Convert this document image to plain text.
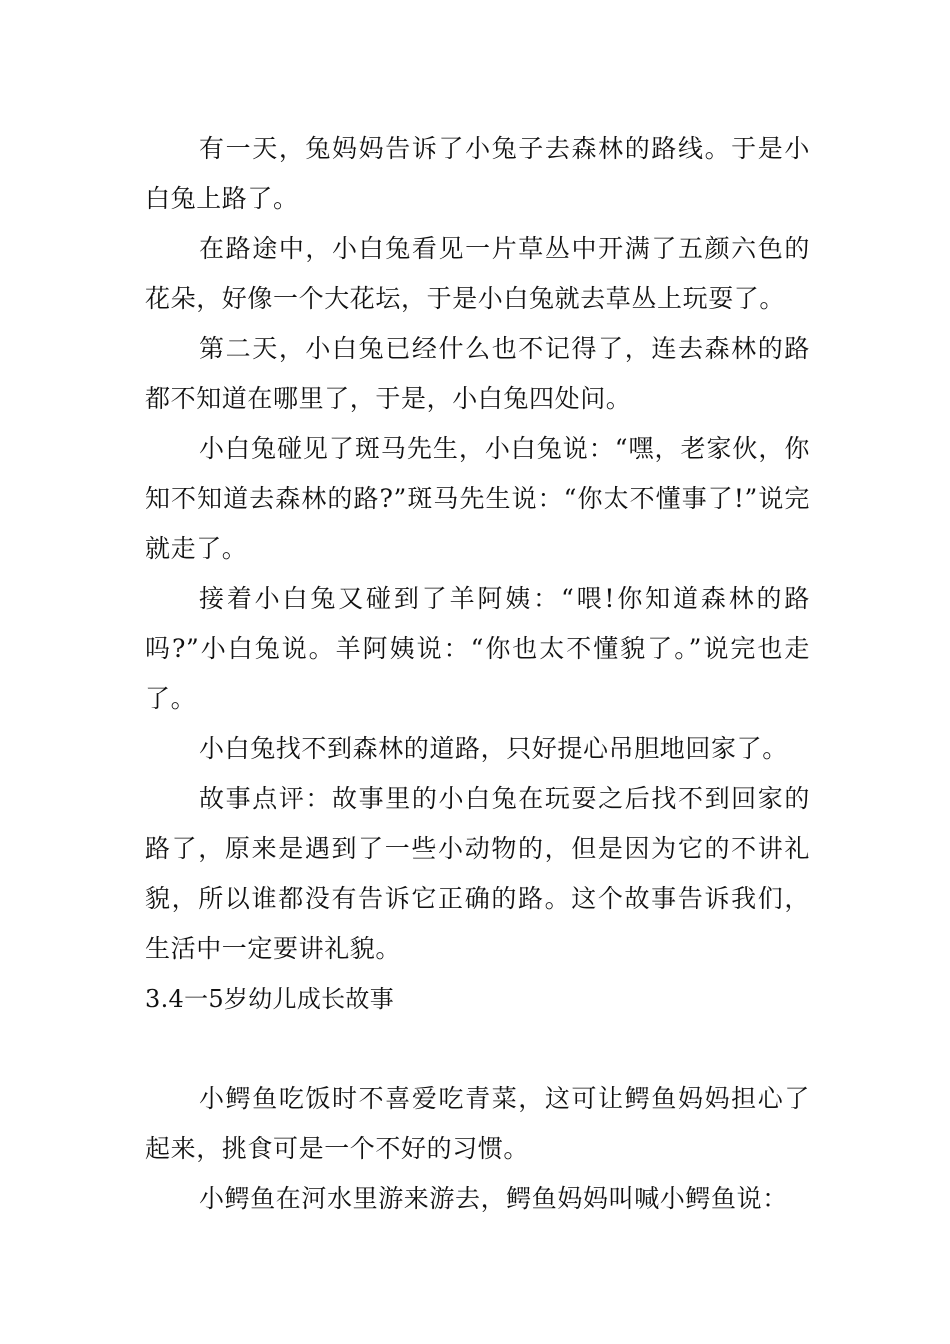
有一天，兔妈妈告诉了小兔子去森林的路线。于是小白兔上路了。

在路途中，小白兔看见一片草丛中开满了五颜六色的花朵，好像一个大花坛，于是小白兔就去草丛上玩耍了。

第二天，小白兔已经什么也不记得了，连去森林的路都不知道在哪里了，于是，小白兔四处问。

小白兔碰见了斑马先生，小白兔说：“嘿，老家伙，你知不知道去森林的路?”斑马先生说：“你太不懂事了!”说完就走了。

接着小白兔又碰到了羊阿姨：“喂!你知道森林的路吗?”小白兔说。羊阿姨说：“你也太不懂貌了。”说完也走了。

小白兔找不到森林的道路，只好提心吊胆地回家了。

故事点评：故事里的小白兔在玩耍之后找不到回家的路了，原来是遇到了一些小动物的，但是因为它的不讲礼貌，所以谁都没有告诉它正确的路。这个故事告诉我们，生活中一定要讲礼貌。

3.4一5岁幼儿成长故事

小鳄鱼吃饭时不喜爱吃青菜，这可让鳄鱼妈妈担心了起来，挑食可是一个不好的习惯。

小鳄鱼在河水里游来游去，鳄鱼妈妈叫喊小鳄鱼说：
